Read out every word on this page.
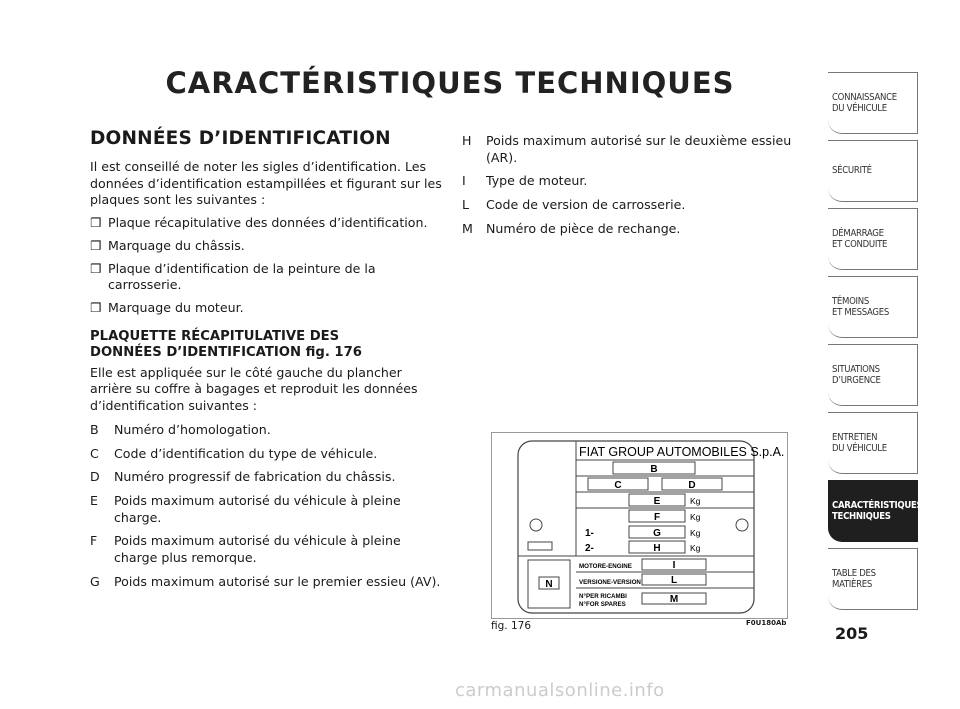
CARACTÉRISTIQUES TECHNIQUES
DONNÉES D’IDENTIFICATION

Il est conseillé de noter les sigles d’identification. Les données d’identification estampillées et figurant sur les plaques sont les suivantes :

❒ Plaque récapitulative des données d’identification.
❒ Marquage du châssis.
❒ Plaque d’identification de la peinture de la carrosserie.
❒ Marquage du moteur.
PLAQUETTE RÉCAPITULATIVE DES
DONNÉES D’IDENTIFICATION fig. 176

Elle est appliquée sur le côté gauche du plancher arrière su coffre à bagages et reproduit les données d’identification suivantes :

B	Numéro d’homologation.
C	Code d’identification du type de véhicule.
D	Numéro progressif de fabrication du châssis.
E	Poids maximum autorisé du véhicule à pleine charge.
F	Poids maximum autorisé du véhicule à pleine charge plus remorque.
G	Poids maximum autorisé sur le premier essieu (AV).
H	Poids maximum autorisé sur le deuxième essieu (AR).
I	Type de moteur.
L	Code de version de carrosserie.
M	Numéro de pièce de rechange.
N
FIAT GROUP AUTOMOBILES S.p.A.
B
C	D
E	Kg
F	Kg
1-	G	Kg
2-	H	Kg
MOTORE-ENGINE	I
VERSIONE-VERSION	L
N°PER RICAMBI
N°FOR SPARES	M
fig. 176	F0U180Ab
CONNAISSANCE
DU VÉHICULE
SÉCURITÉ
DÉMARRAGE
ET CONDUITE
TÉMOINS
ET MESSAGES
SITUATIONS
D’URGENCE
ENTRETIEN
DU VÉHICULE
CARACTÉRISTIQUES
TECHNIQUES
TABLE DES
MATIÈRES
205
carmanualsonline.info
